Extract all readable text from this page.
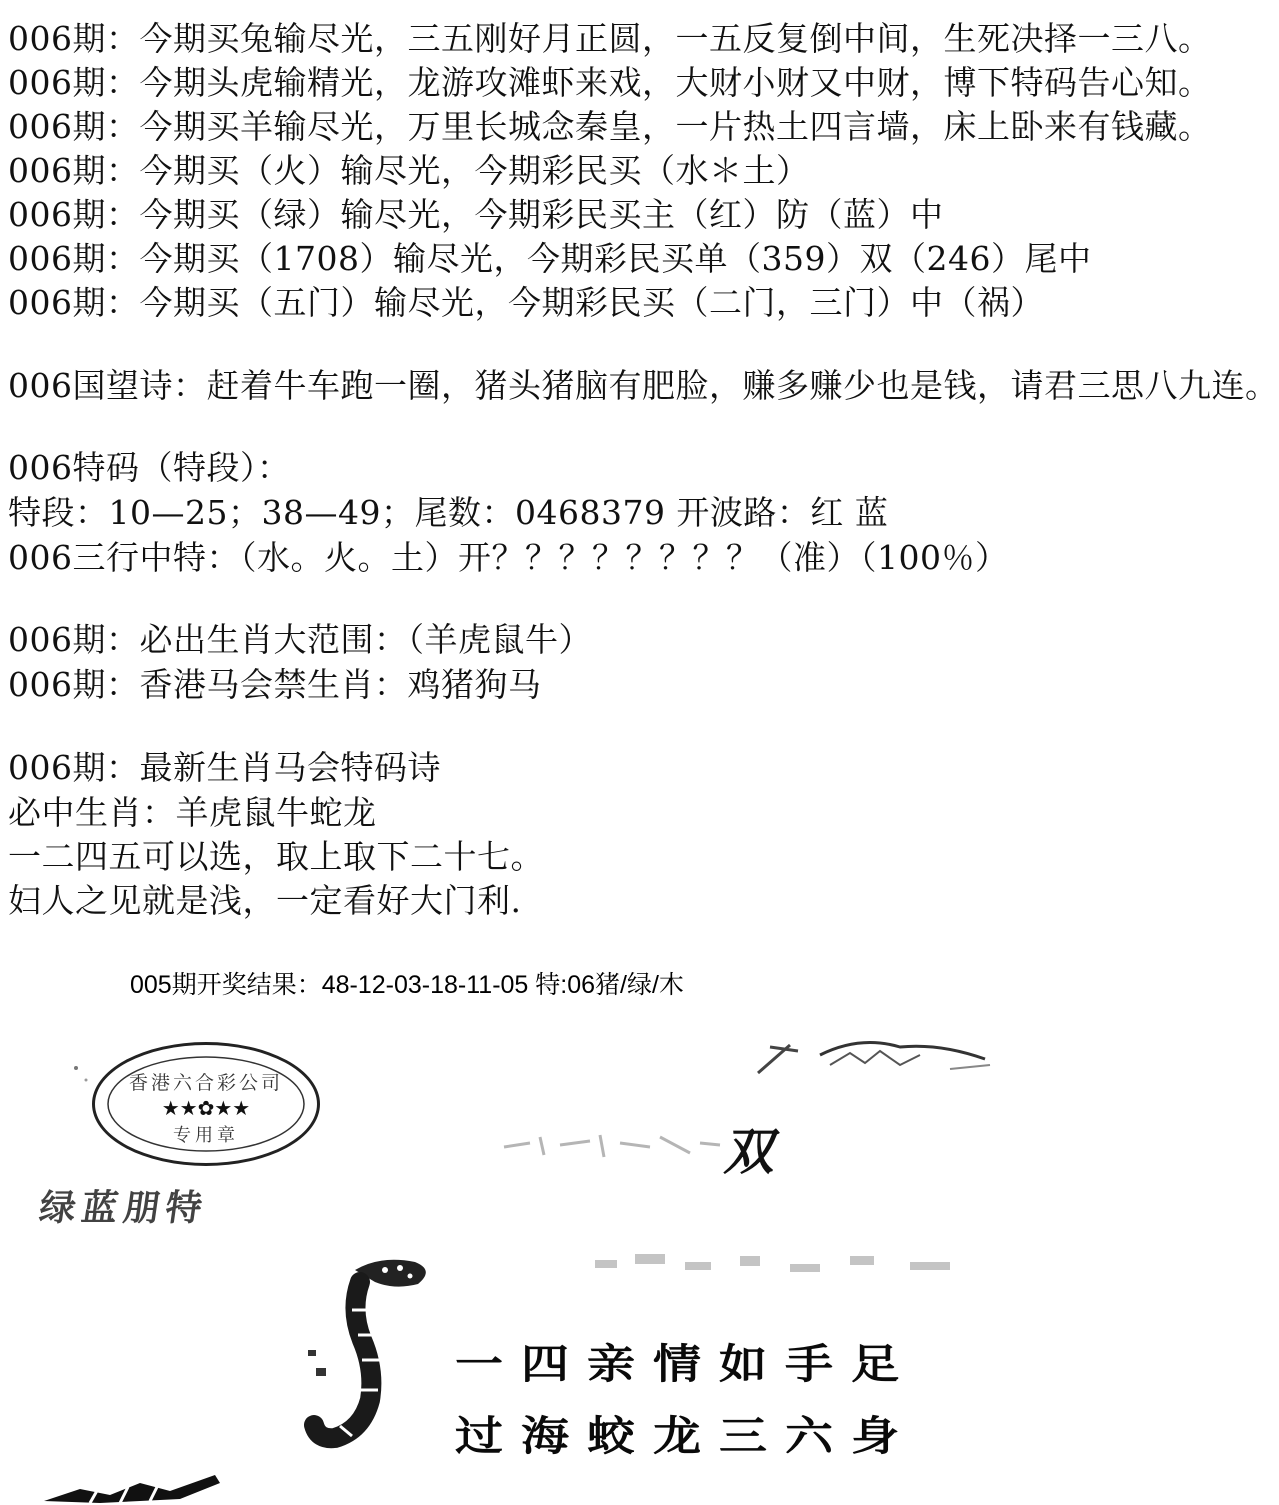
006期：今期买兔输尽光，三五刚好月正圆，一五反复倒中间，生死决择一三八。
006期：今期头虎输精光，龙游攻滩虾来戏，大财小财又中财，博下特码告心知。
006期：今期买羊输尽光，万里长城念秦皇，一片热土四言墙，床上卧来有钱藏。
006期：今期买（火）输尽光，今期彩民买（水＊土）
006期：今期买（绿）输尽光，今期彩民买主（红）防（蓝）中
006期：今期买（1708）输尽光，今期彩民买单（359）双（246）尾中
006期：今期买（五门）输尽光，今期彩民买（二门，三门）中（祸）
006国望诗：赶着牛车跑一圈，猪头猪脑有肥脸，赚多赚少也是钱，请君三思八九连。
006特码（特段）：
特段：10—25；38—49；尾数：0468379 开波路：红 蓝
006三行中特：（水。火。土）开？？？？？？？？（准）（100％）
006期：必出生肖大范围：（羊虎鼠牛）
006期：香港马会禁生肖：鸡猪狗马
006期：最新生肖马会特码诗
必中生肖：羊虎鼠牛蛇龙
一二四五可以选，取上取下二十七。
妇人之见就是浅，一定看好大门利.
005期开奖结果：48-12-03-18-11-05 特:06猪/绿/木
香港六合彩公司
★★✿★★
专用章
绿蓝朋特
双
一四亲情如手足
过海蛟龙三六身
